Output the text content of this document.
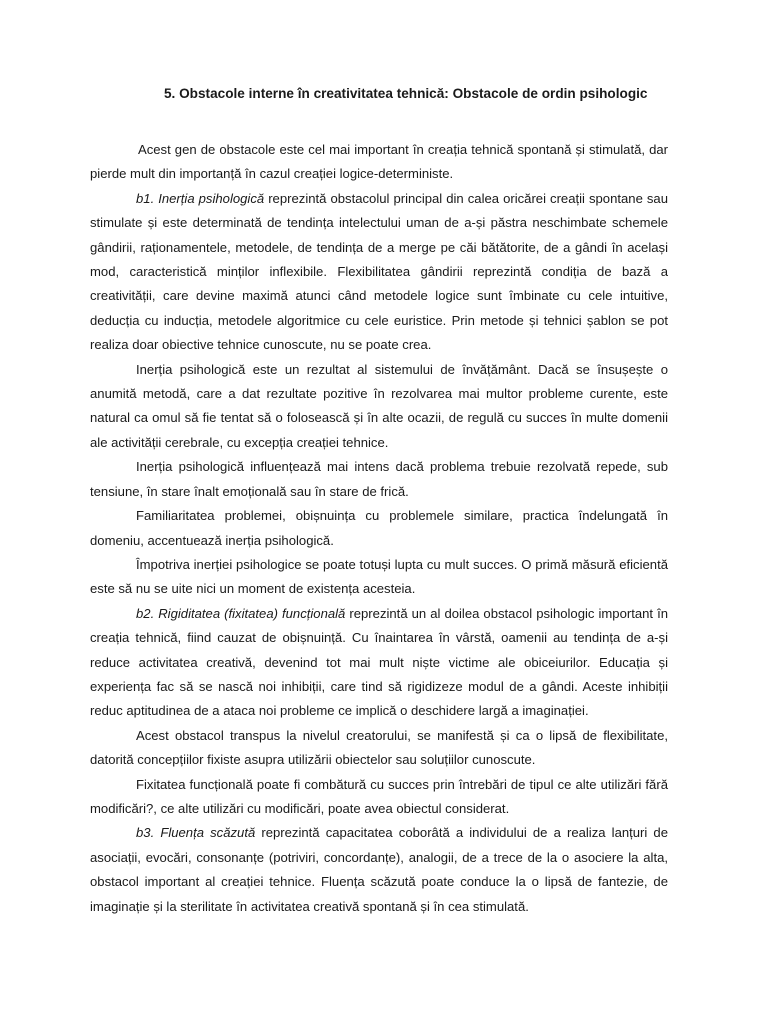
5. Obstacole interne în creativitatea tehnică: Obstacole de ordin psihologic

Acest gen de obstacole este cel mai important în creația tehnică spontană și stimulată, dar pierde mult din importanță în cazul creației logice-deterministe.

b1. Inerția psihologică reprezintă obstacolul principal din calea oricărei creații spontane sau stimulate și este determinată de tendința intelectului uman de a-și păstra neschimbate schemele gândirii, raționamentele, metodele, de tendința de a merge pe căi bătătorite, de a gândi în același mod, caracteristică minților inflexibile. Flexibilitatea gândirii reprezintă condiția de bază a creativității, care devine maximă atunci când metodele logice sunt îmbinate cu cele intuitive, deducția cu inducția, metodele algoritmice cu cele euristice. Prin metode și tehnici șablon se pot realiza doar obiective tehnice cunoscute, nu se poate crea.

Inerția psihologică este un rezultat al sistemului de învățământ. Dacă se însușește o anumită metodă, care a dat rezultate pozitive în rezolvarea mai multor probleme curente, este natural ca omul să fie tentat să o folosească și în alte ocazii, de regulă cu succes în multe domenii ale activității cerebrale, cu excepția creației tehnice.

Inerția psihologică influențează mai intens dacă problema trebuie rezolvată repede, sub tensiune, în stare înalt emoțională sau în stare de frică.

Familiaritatea problemei, obișnuința cu problemele similare, practica îndelungată în domeniu, accentuează inerția psihologică.

Împotriva inerției psihologice se poate totuși lupta cu mult succes. O primă măsură eficientă este să nu se uite nici un moment de existența acesteia.

b2. Rigiditatea (fixitatea) funcțională reprezintă un al doilea obstacol psihologic important în creația tehnică, fiind cauzat de obișnuință. Cu înaintarea în vârstă, oamenii au tendința de a-și reduce activitatea creativă, devenind tot mai mult niște victime ale obiceiurilor. Educația și experiența fac să se nască noi inhibiții, care tind să rigidizeze modul de a gândi. Aceste inhibiții reduc aptitudinea de a ataca noi probleme ce implică o deschidere largă a imaginației.

Acest obstacol transpus la nivelul creatorului, se manifestă și ca o lipsă de flexibilitate, datorită concepțiilor fixiste asupra utilizării obiectelor sau soluțiilor cunoscute.

Fixitatea funcțională poate fi combătură cu succes prin întrebări de tipul ce alte utilizări fără modificări?, ce alte utilizări cu modificări, poate avea obiectul considerat.

b3. Fluența scăzută reprezintă capacitatea coborâtă a individului de a realiza lanțuri de asociații, evocări, consonanțe (potriviri, concordanțe), analogii, de a trece de la o asociere la alta, obstacol important al creației tehnice. Fluența scăzută poate conduce la o lipsă de fantezie, de imaginație și la sterilitate în activitatea creativă spontană și în cea stimulată.
